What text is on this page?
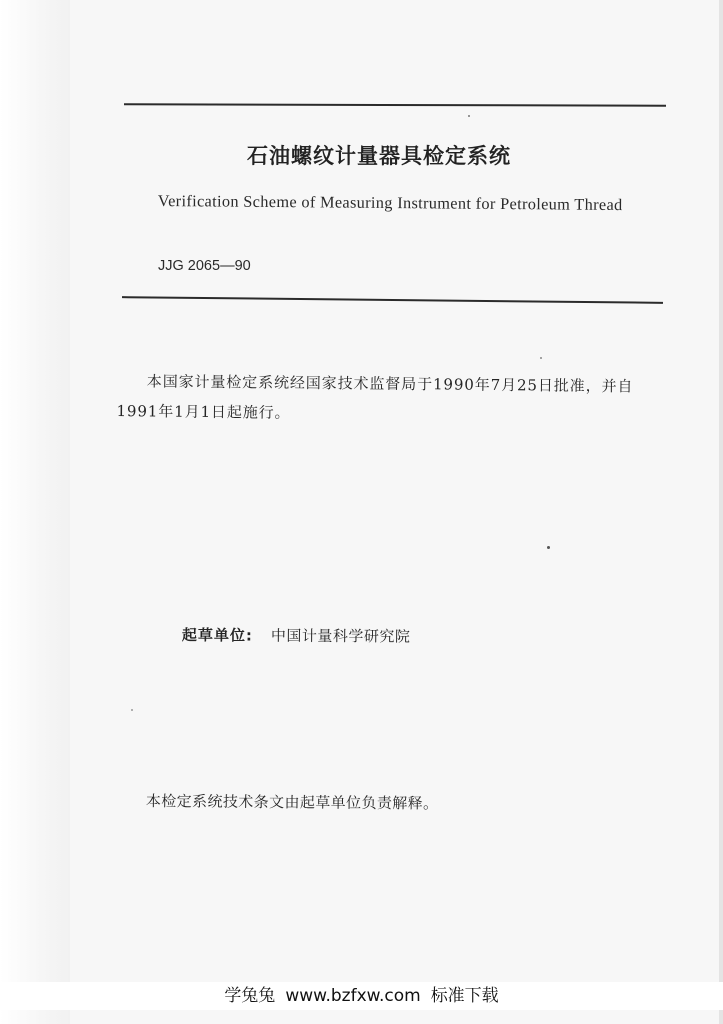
石油螺纹计量器具检定系统
Verification Scheme of Measuring Instrument for Petroleum Thread
JJG 2065—90
本国家计量检定系统经国家技术监督局于1990年7月25日批准，并自1991年1月1日起施行。
起草单位: 中国计量科学研究院
本检定系统技术条文由起草单位负责解释。
学兔兔 www.bzfxw.com 标准下载
